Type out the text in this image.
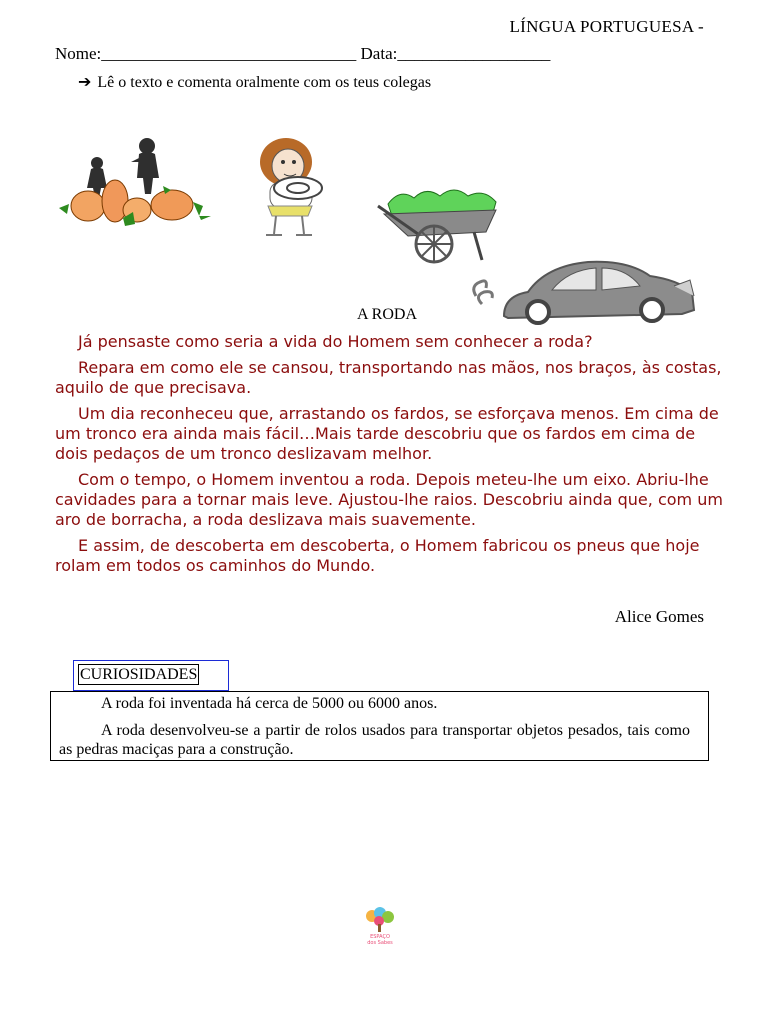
LÍNGUA PORTUGUESA -
Nome:______________________________ Data:__________________
➔ Lê o texto e comenta oralmente com os teus colegas
A RODA

Já pensaste como seria a vida do Homem sem conhecer a roda?

Repara em como ele se cansou, transportando nas mãos, nos braços, às costas, aquilo de que precisava.

Um dia reconheceu que, arrastando os fardos, se esforçava menos. Em cima de um tronco era ainda mais fácil…Mais tarde descobriu que os fardos em cima de dois pedaços de um tronco deslizavam melhor.

Com o tempo, o Homem inventou a roda. Depois meteu-lhe um eixo. Abriu-lhe cavidades para a tornar mais leve. Ajustou-lhe raios. Descobriu ainda que, com um aro de borracha, a roda deslizava mais suavemente.

E assim, de descoberta em descoberta, o Homem fabricou os pneus que hoje rolam em todos os caminhos do Mundo.

Alice Gomes
CURIOSIDADES

A roda foi inventada há cerca de 5000 ou 6000 anos.

A roda desenvolveu-se a partir de rolos usados para transportar objetos pesados, tais como as pedras maciças para a construção.

ESPAÇO
dos Sabes
